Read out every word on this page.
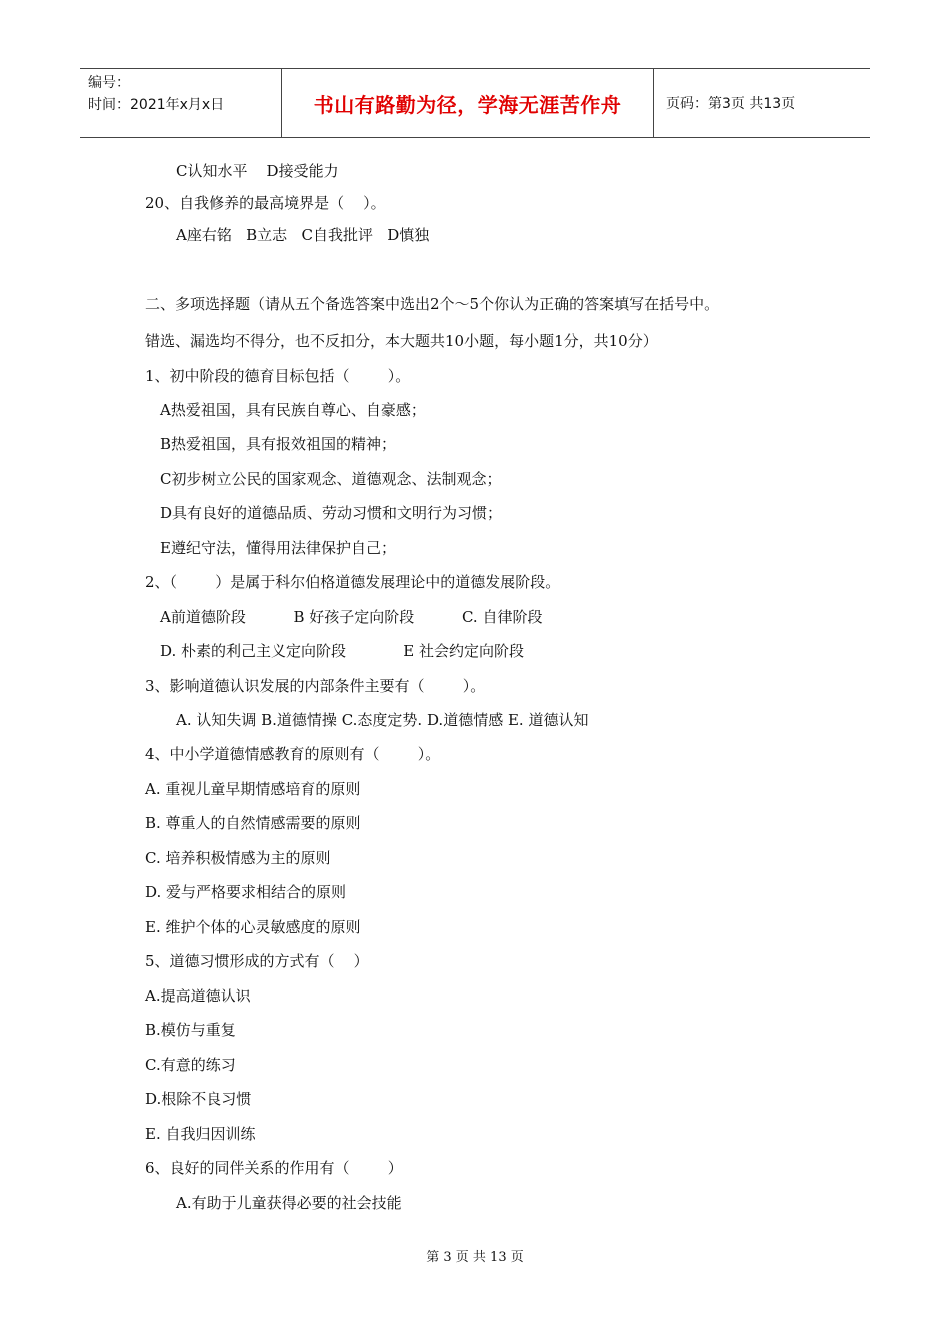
编号：
时间：2021年x月x日	书山有路勤为径，学海无涯苦作舟	页码：第3页 共13页
C认知水平    D接受能力
20、自我修养的最高境界是（    ）。
A座右铭   B立志   C自我批评   D慎独
二、多项选择题（请从五个备选答案中选出2个～5个你认为正确的答案填写在括号中。
错选、漏选均不得分，也不反扣分，本大题共10小题，每小题1分，共10分）
1、初中阶段的德育目标包括（        ）。
A热爱祖国，具有民族自尊心、自豪感；
B热爱祖国，具有报效祖国的精神；
C初步树立公民的国家观念、道德观念、法制观念；
D具有良好的道德品质、劳动习惯和文明行为习惯；
E遵纪守法，懂得用法律保护自己；
2、（        ）是属于科尔伯格道德发展理论中的道德发展阶段。
A前道德阶段          B 好孩子定向阶段          C. 自律阶段
D. 朴素的利己主义定向阶段            E 社会约定向阶段
3、影响道德认识发展的内部条件主要有（        ）。
A. 认知失调 B.道德情操 C.态度定势. D.道德情感 E. 道德认知
4、中小学道德情感教育的原则有（        ）。
A. 重视儿童早期情感培育的原则
B. 尊重人的自然情感需要的原则
C. 培养积极情感为主的原则
D. 爱与严格要求相结合的原则
E. 维护个体的心灵敏感度的原则
5、道德习惯形成的方式有（    ）
A.提高道德认识
B.模仿与重复
C.有意的练习
D.根除不良习惯
E. 自我归因训练
6、良好的同伴关系的作用有（        ）
A.有助于儿童获得必要的社会技能
第 3 页 共 13 页
